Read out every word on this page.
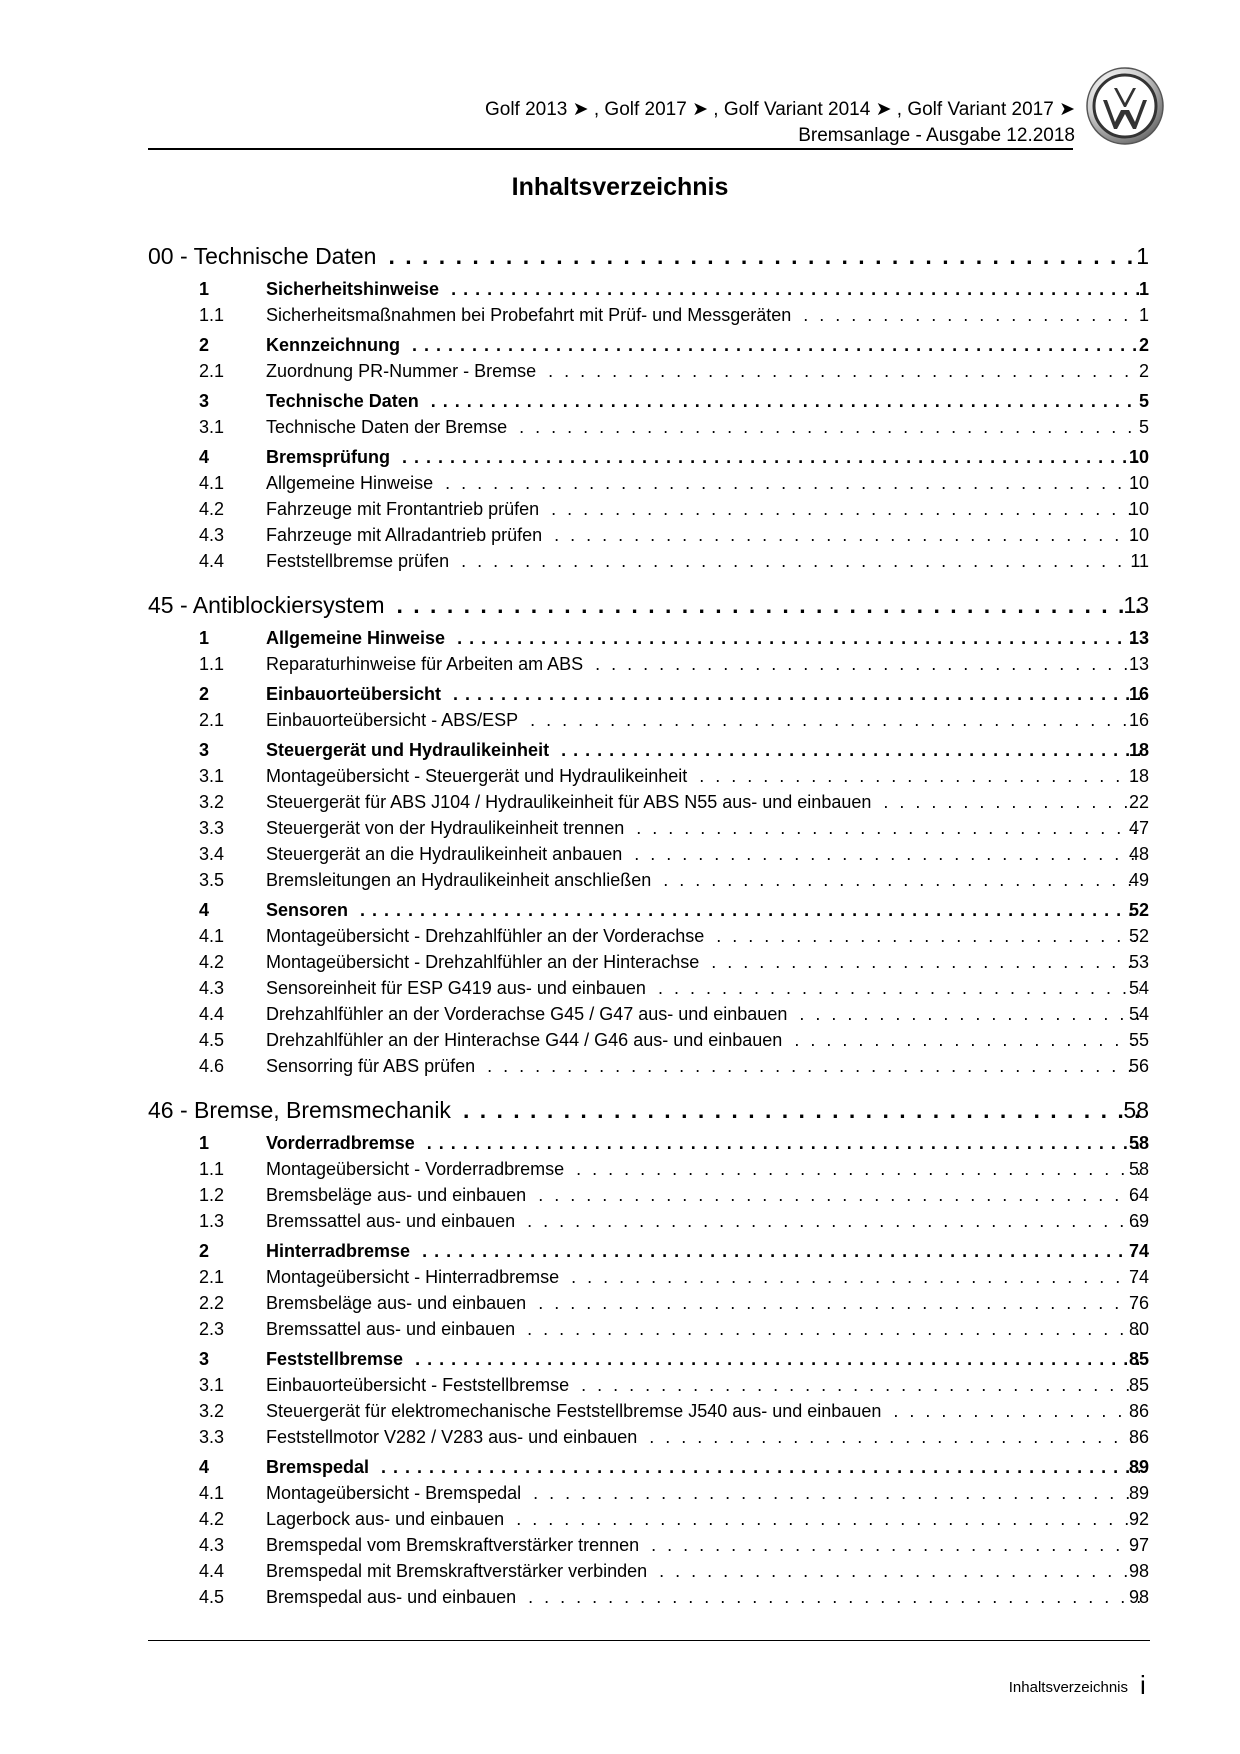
Golf 2013 ➤ , Golf 2017 ➤ , Golf Variant 2014 ➤ , Golf Variant 2017 ➤
Bremsanlage - Ausgabe 12.2018
Inhaltsverzeichnis
00 - Technische Daten . . .	1
1	Sicherheitshinweise . . .	1
1.1 Sicherheitsmaßnahmen bei Probefahrt mit Prüf- und Messgeräten . . .	1
2	Kennzeichnung . . .	2
2.1 Zuordnung PR-Nummer - Bremse . . .	2
3	Technische Daten . . .	5
3.1 Technische Daten der Bremse . . .	5
4	Bremsprüfung . . .	10
4.1 Allgemeine Hinweise . . .	10
4.2 Fahrzeuge mit Frontantrieb prüfen . . .	10
4.3 Fahrzeuge mit Allradantrieb prüfen . . .	10
4.4 Feststellbremse prüfen . . .	11
45 - Antiblockiersystem . . .	13
1	Allgemeine Hinweise . . .	13
1.1 Reparaturhinweise für Arbeiten am ABS . . .	13
2	Einbauorteübersicht . . .	16
2.1 Einbauorteübersicht - ABS/ESP . . .	16
3	Steuergerät und Hydraulikeinheit . . .	18
3.1 Montageübersicht - Steuergerät und Hydraulikeinheit . . .	18
3.2 Steuergerät für ABS J104 / Hydraulikeinheit für ABS N55 aus- und einbauen . . .	22
3.3 Steuergerät von der Hydraulikeinheit trennen . . .	47
3.4 Steuergerät an die Hydraulikeinheit anbauen . . .	48
3.5 Bremsleitungen an Hydraulikeinheit anschließen . . .	49
4	Sensoren . . .	52
4.1 Montageübersicht - Drehzahlfühler an der Vorderachse . . .	52
4.2 Montageübersicht - Drehzahlfühler an der Hinterachse . . .	53
4.3 Sensoreinheit für ESP G419 aus- und einbauen . . .	54
4.4 Drehzahlfühler an der Vorderachse G45 / G47 aus- und einbauen . . .	54
4.5 Drehzahlfühler an der Hinterachse G44 / G46 aus- und einbauen . . .	55
4.6 Sensorring für ABS prüfen . . .	56
46 - Bremse, Bremsmechanik . . .	58
1	Vorderradbremse . . .	58
1.1 Montageübersicht - Vorderradbremse . . .	58
1.2 Bremsbeläge aus- und einbauen . . .	64
1.3 Bremssattel aus- und einbauen . . .	69
2	Hinterradbremse . . .	74
2.1 Montageübersicht - Hinterradbremse . . .	74
2.2 Bremsbeläge aus- und einbauen . . .	76
2.3 Bremssattel aus- und einbauen . . .	80
3	Feststellbremse . . .	85
3.1 Einbauorteübersicht - Feststellbremse . . .	85
3.2 Steuergerät für elektromechanische Feststellbremse J540 aus- und einbauen . . .	86
3.3 Feststellmotor V282 / V283 aus- und einbauen . . .	86
4	Bremspedal . . .	89
4.1 Montageübersicht - Bremspedal . . .	89
4.2 Lagerbock aus- und einbauen . . .	92
4.3 Bremspedal vom Bremskraftverstärker trennen . . .	97
4.4 Bremspedal mit Bremskraftverstärker verbinden . . .	98
4.5 Bremspedal aus- und einbauen . . .	98
Inhaltsverzeichnis i
